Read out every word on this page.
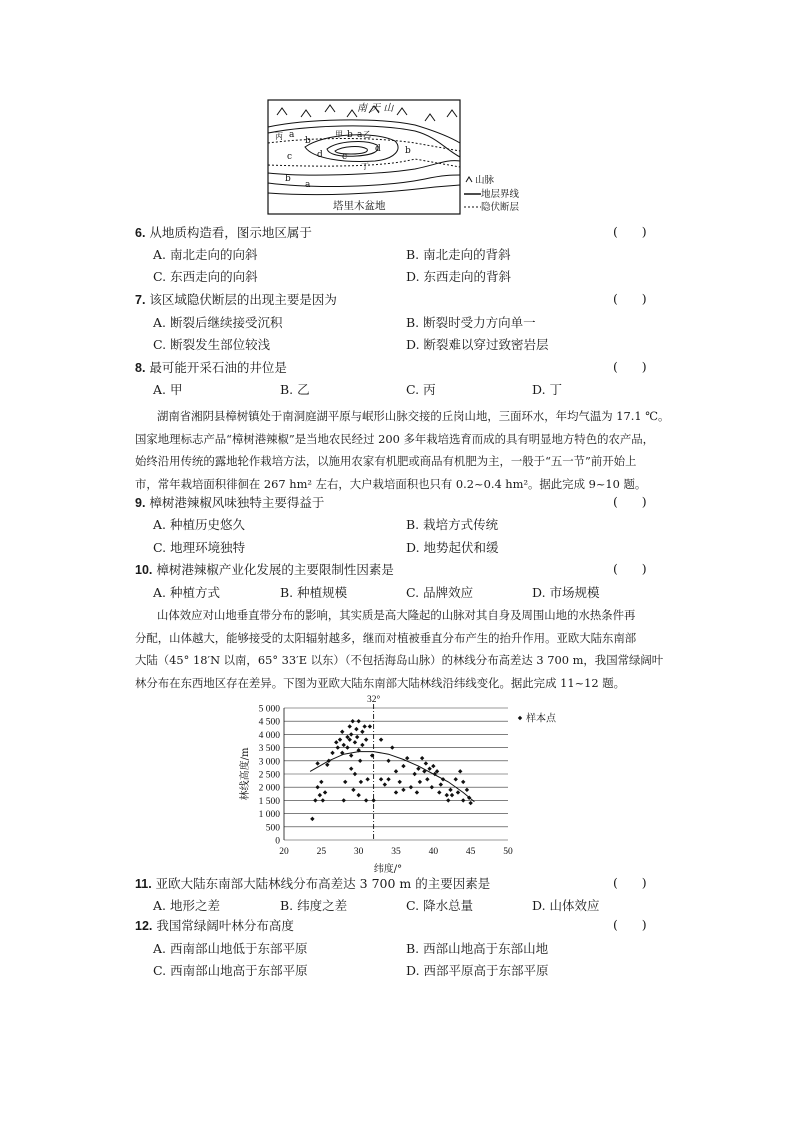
a
b
c	d
d	b
b
a
b a
c
丙	甲	乙
丁
南 天 山
塔里木盆地
山脉
地层界线
隐伏断层
6. 从地质构造看，图示地区属于	(      )
A. 南北走向的向斜	B. 南北走向的背斜
C. 东西走向的向斜	D. 东西走向的背斜
7. 该区域隐伏断层的出现主要是因为	(      )
A. 断裂后继续接受沉积	B. 断裂时受力方向单一
C. 断裂发生部位较浅	D. 断裂难以穿过致密岩层
8. 最可能开采石油的井位是	(      )
A. 甲	B. 乙	C. 丙	D. 丁
湖南省湘阴县樟树镇处于南洞庭湖平原与岷形山脉交接的丘岗山地，三面环水，年均气温为 17.1 ℃。
国家地理标志产品“樟树港辣椒”是当地农民经过 200 多年栽培选育而成的具有明显地方特色的农产品，
始终沿用传统的露地轮作栽培方法，以施用农家有机肥或商品有机肥为主，一般于“五一节”前开始上
市，常年栽培面积徘徊在 267 hm² 左右，大户栽培面积也只有 0.2~0.4 hm²。据此完成 9~10 题。
9. 樟树港辣椒风味独特主要得益于	(      )
A. 种植历史悠久	B. 栽培方式传统
C. 地理环境独特	D. 地势起伏和缓
10. 樟树港辣椒产业化发展的主要限制性因素是	(      )
A. 种植方式	B. 种植规模	C. 品牌效应	D. 市场规模
山体效应对山地垂直带分布的影响，其实质是高大隆起的山脉对其自身及周围山地的水热条件再
分配，山体越大，能够接受的太阳辐射越多，继而对植被垂直分布产生的抬升作用。亚欧大陆东南部
大陆（45° 18′N 以南，65° 33′E 以东）（不包括海岛山脉）的林线分布高差达 3 700 m，我国常绿阔叶
林分布在东西地区存在差异。下图为亚欧大陆东南部大陆林线沿纬线变化。据此完成 11~12 题。
0
500
1 000
1 500
2 000
2 500
3 000
3 500
4 000
4 500
5 000
20	25	30	35	40	45	50
32°
样本点
纬度/°
林线高度/m
11. 亚欧大陆东南部大陆林线分布高差达 3 700 m 的主要因素是	(      )
A. 地形之差	B. 纬度之差	C. 降水总量	D. 山体效应
12. 我国常绿阔叶林分布高度	(      )
A. 西南部山地低于东部平原	B. 西部山地高于东部山地
C. 西南部山地高于东部平原	D. 西部平原高于东部平原
